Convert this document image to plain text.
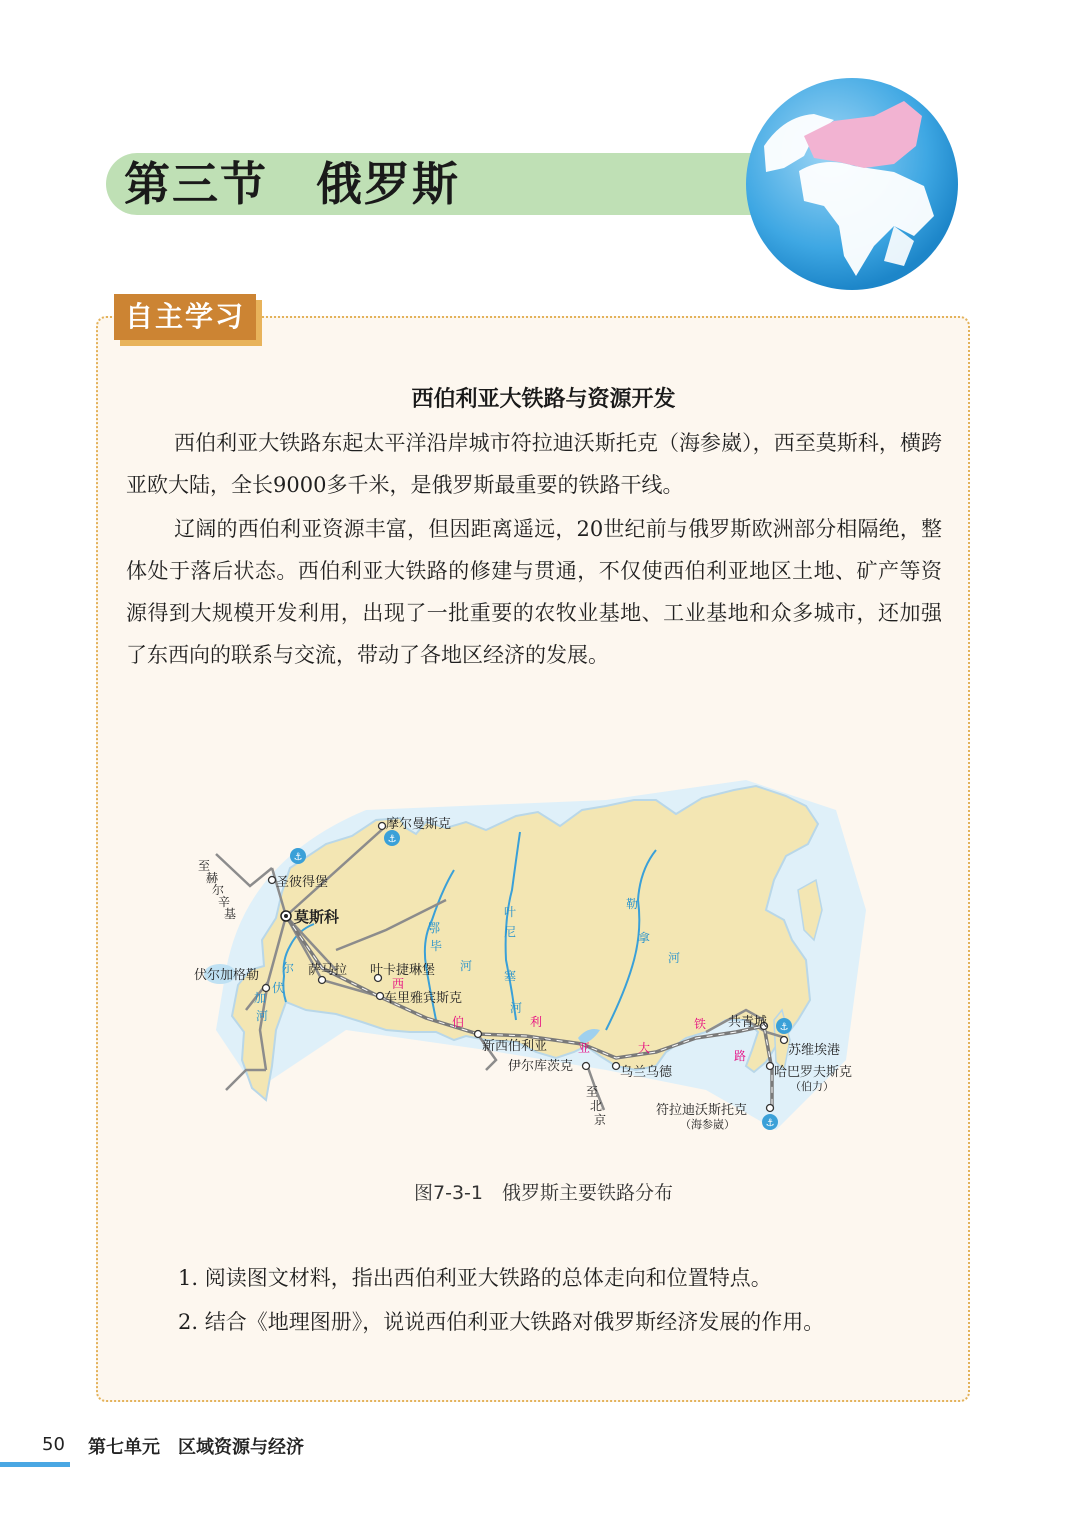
第三节　俄罗斯
自主学习
西伯利亚大铁路与资源开发

西伯利亚大铁路东起太平洋沿岸城市符拉迪沃斯托克（海参崴），西至莫斯科，横跨亚欧大陆，全长9000多千米，是俄罗斯最重要的铁路干线。

辽阔的西伯利亚资源丰富，但因距离遥远，20世纪前与俄罗斯欧洲部分相隔绝，整体处于落后状态。西伯利亚大铁路的修建与贯通，不仅使西伯利亚地区土地、矿产等资源得到大规模开发利用，出现了一批重要的农牧业基地、工业基地和众多城市，还加强了东西向的联系与交流，带动了各地区经济的发展。

⚓
⚓
⚓
⚓
摩尔曼斯克
圣彼得堡
莫斯科
伏尔加格勒	萨马拉 叶卡捷琳堡
车里雅宾斯克
新西伯利亚
伊尔库茨克	乌兰乌德
共青城
苏维埃港
哈巴罗夫斯克
（伯力）
符拉迪沃斯托克
（海参崴）
伏
尔
加
河
鄂
毕
河
叶
尼
塞
河
勒
拿
河
西
伯	利
亚	大
铁
路
至
赫
尔
辛
基
至
北
京
图7-3-1　俄罗斯主要铁路分布
1. 阅读图文材料，指出西伯利亚大铁路的总体走向和位置特点。
2. 结合《地理图册》，说说西伯利亚大铁路对俄罗斯经济发展的作用。
50 第七单元　区域资源与经济
